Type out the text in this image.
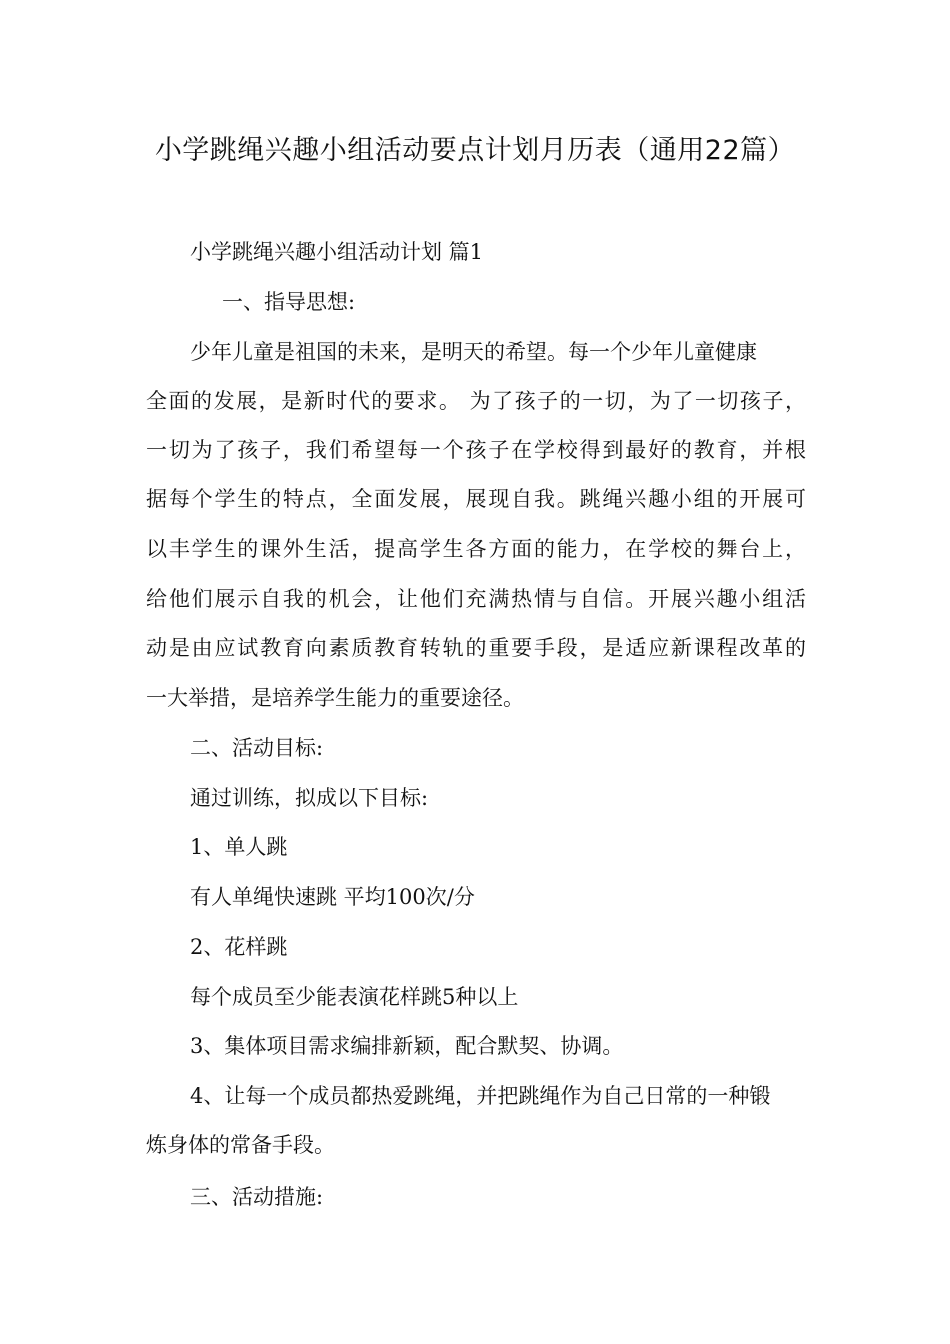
小学跳绳兴趣小组活动要点计划月历表（通用22篇）

小学跳绳兴趣小组活动计划 篇1

一、指导思想:

少年儿童是祖国的未来，是明天的希望。每一个少年儿童健康

全面的发展，是新时代的要求。 为了孩子的一切，为了一切孩子，

一切为了孩子，我们希望每一个孩子在学校得到最好的教育，并根

据每个学生的特点，全面发展，展现自我。跳绳兴趣小组的开展可

以丰学生的课外生活，提高学生各方面的能力，在学校的舞台上，

给他们展示自我的机会，让他们充满热情与自信。开展兴趣小组活

动是由应试教育向素质教育转轨的重要手段，是适应新课程改革的

一大举措，是培养学生能力的重要途径。

二、活动目标:

通过训练，拟成以下目标:

1、单人跳

有人单绳快速跳 平均100次/分

2、花样跳

每个成员至少能表演花样跳5种以上

3、集体项目需求编排新颖，配合默契、协调。

4、让每一个成员都热爱跳绳，并把跳绳作为自己日常的一种锻

炼身体的常备手段。

三、活动措施:
